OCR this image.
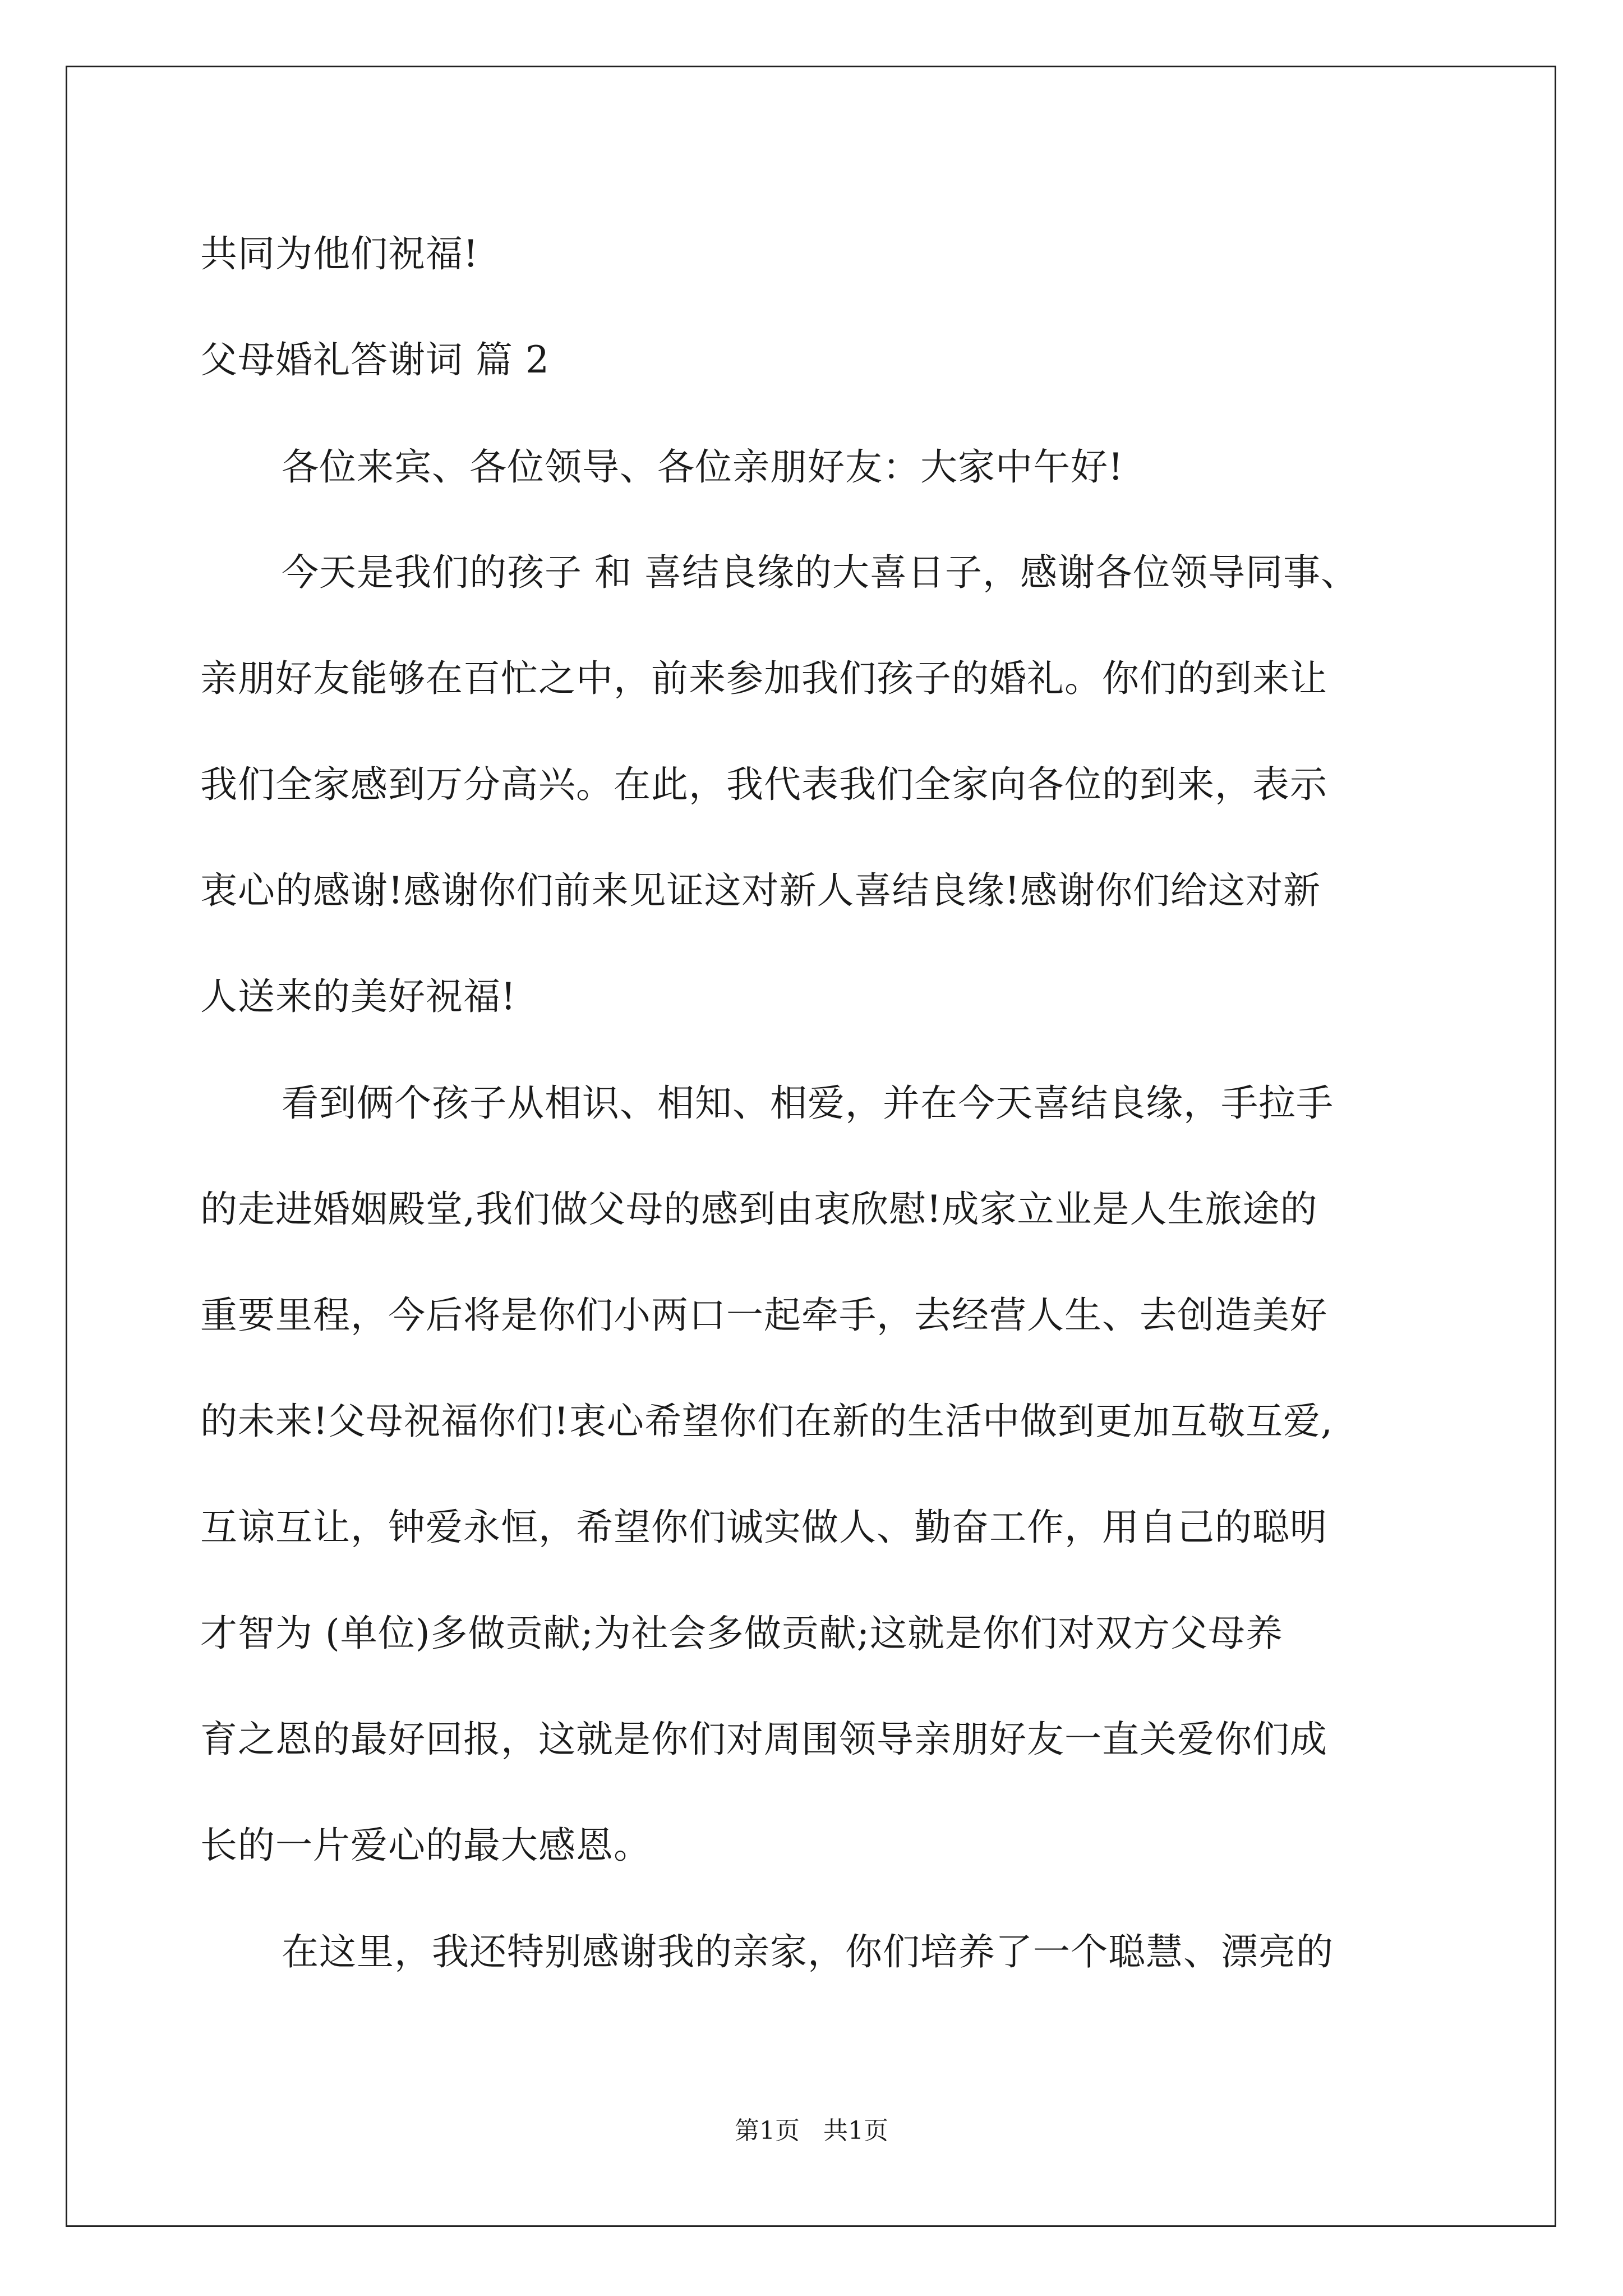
共同为他们祝福!
父母婚礼答谢词 篇 2
各位来宾、各位领导、各位亲朋好友：大家中午好!
今天是我们的孩子 和 喜结良缘的大喜日子，感谢各位领导同事、
亲朋好友能够在百忙之中，前来参加我们孩子的婚礼。你们的到来让
我们全家感到万分高兴。在此，我代表我们全家向各位的到来，表示
衷心的感谢!感谢你们前来见证这对新人喜结良缘!感谢你们给这对新
人送来的美好祝福!
看到俩个孩子从相识、相知、相爱，并在今天喜结良缘，手拉手
的走进婚姻殿堂,我们做父母的感到由衷欣慰!成家立业是人生旅途的
重要里程，今后将是你们小两口一起牵手，去经营人生、去创造美好
的未来!父母祝福你们!衷心希望你们在新的生活中做到更加互敬互爱,
互谅互让，钟爱永恒，希望你们诚实做人、勤奋工作，用自己的聪明
才智为 (单位)多做贡献;为社会多做贡献;这就是你们对双方父母养
育之恩的最好回报，这就是你们对周围领导亲朋好友一直关爱你们成
长的一片爱心的最大感恩。
在这里，我还特别感谢我的亲家，你们培养了一个聪慧、漂亮的
第1页   共1页
